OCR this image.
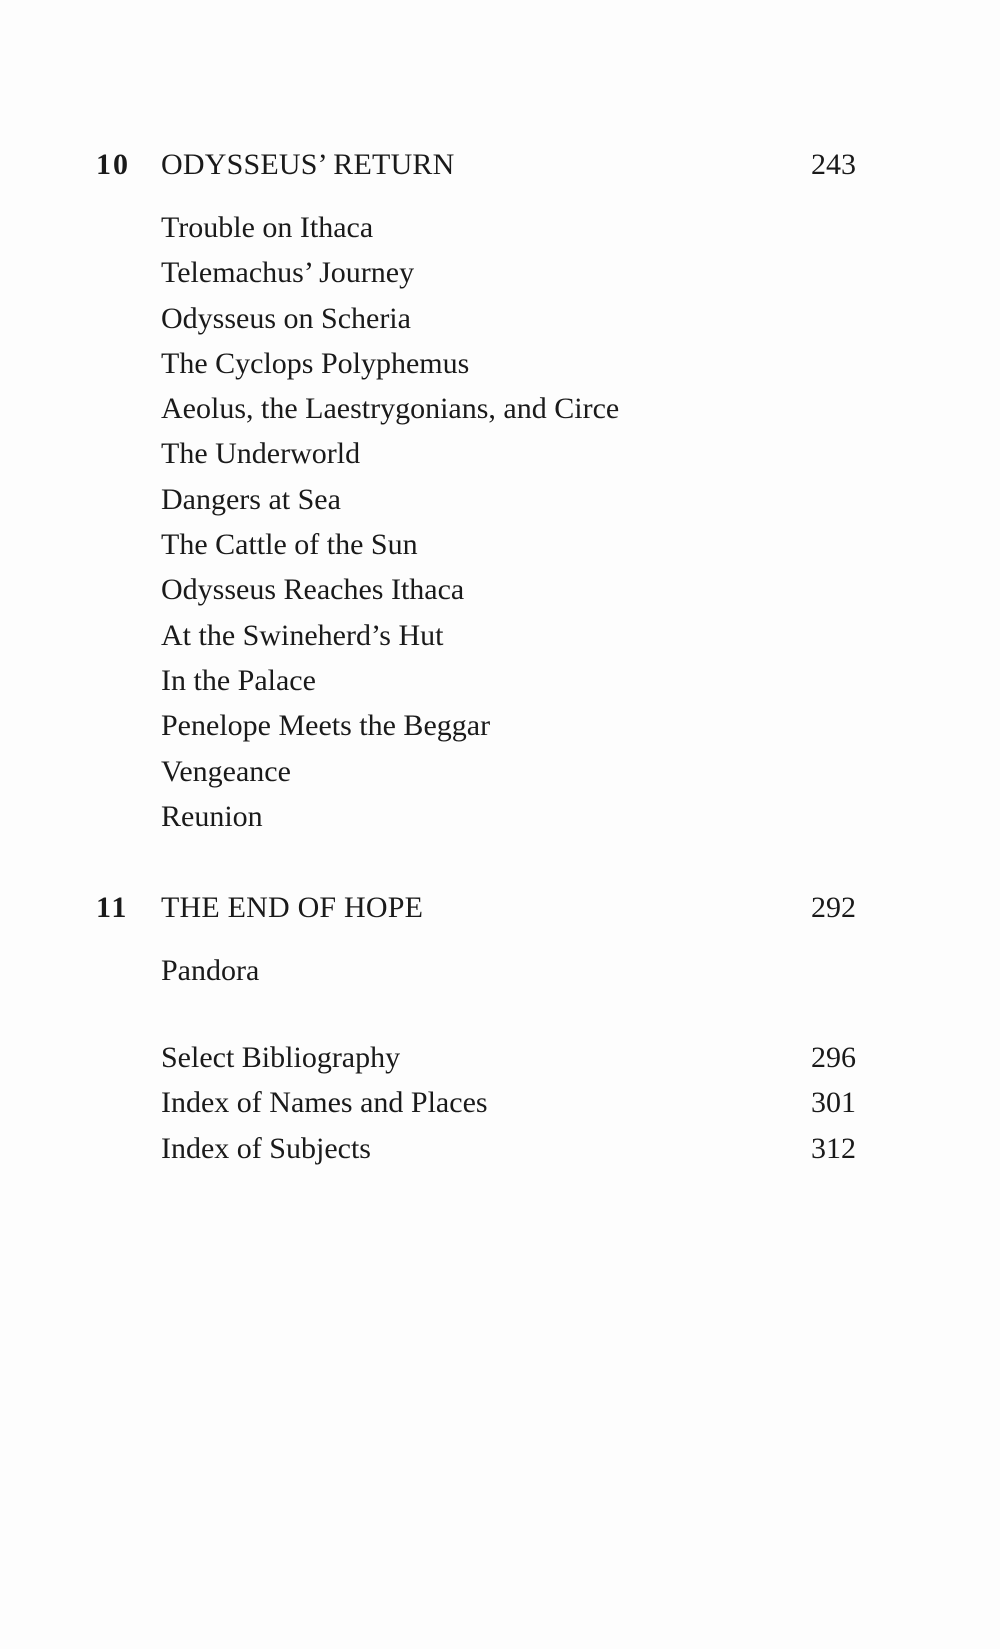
10 ODYSSEUS’ RETURN	243
Trouble on Ithaca
Telemachus’ Journey
Odysseus on Scheria
The Cyclops Polyphemus
Aeolus, the Laestrygonians, and Circe
The Underworld
Dangers at Sea
The Cattle of the Sun
Odysseus Reaches Ithaca
At the Swineherd’s Hut
In the Palace
Penelope Meets the Beggar
Vengeance
Reunion
11 THE END OF HOPE	292
Pandora
Select Bibliography	296
Index of Names and Places	301
Index of Subjects	312
